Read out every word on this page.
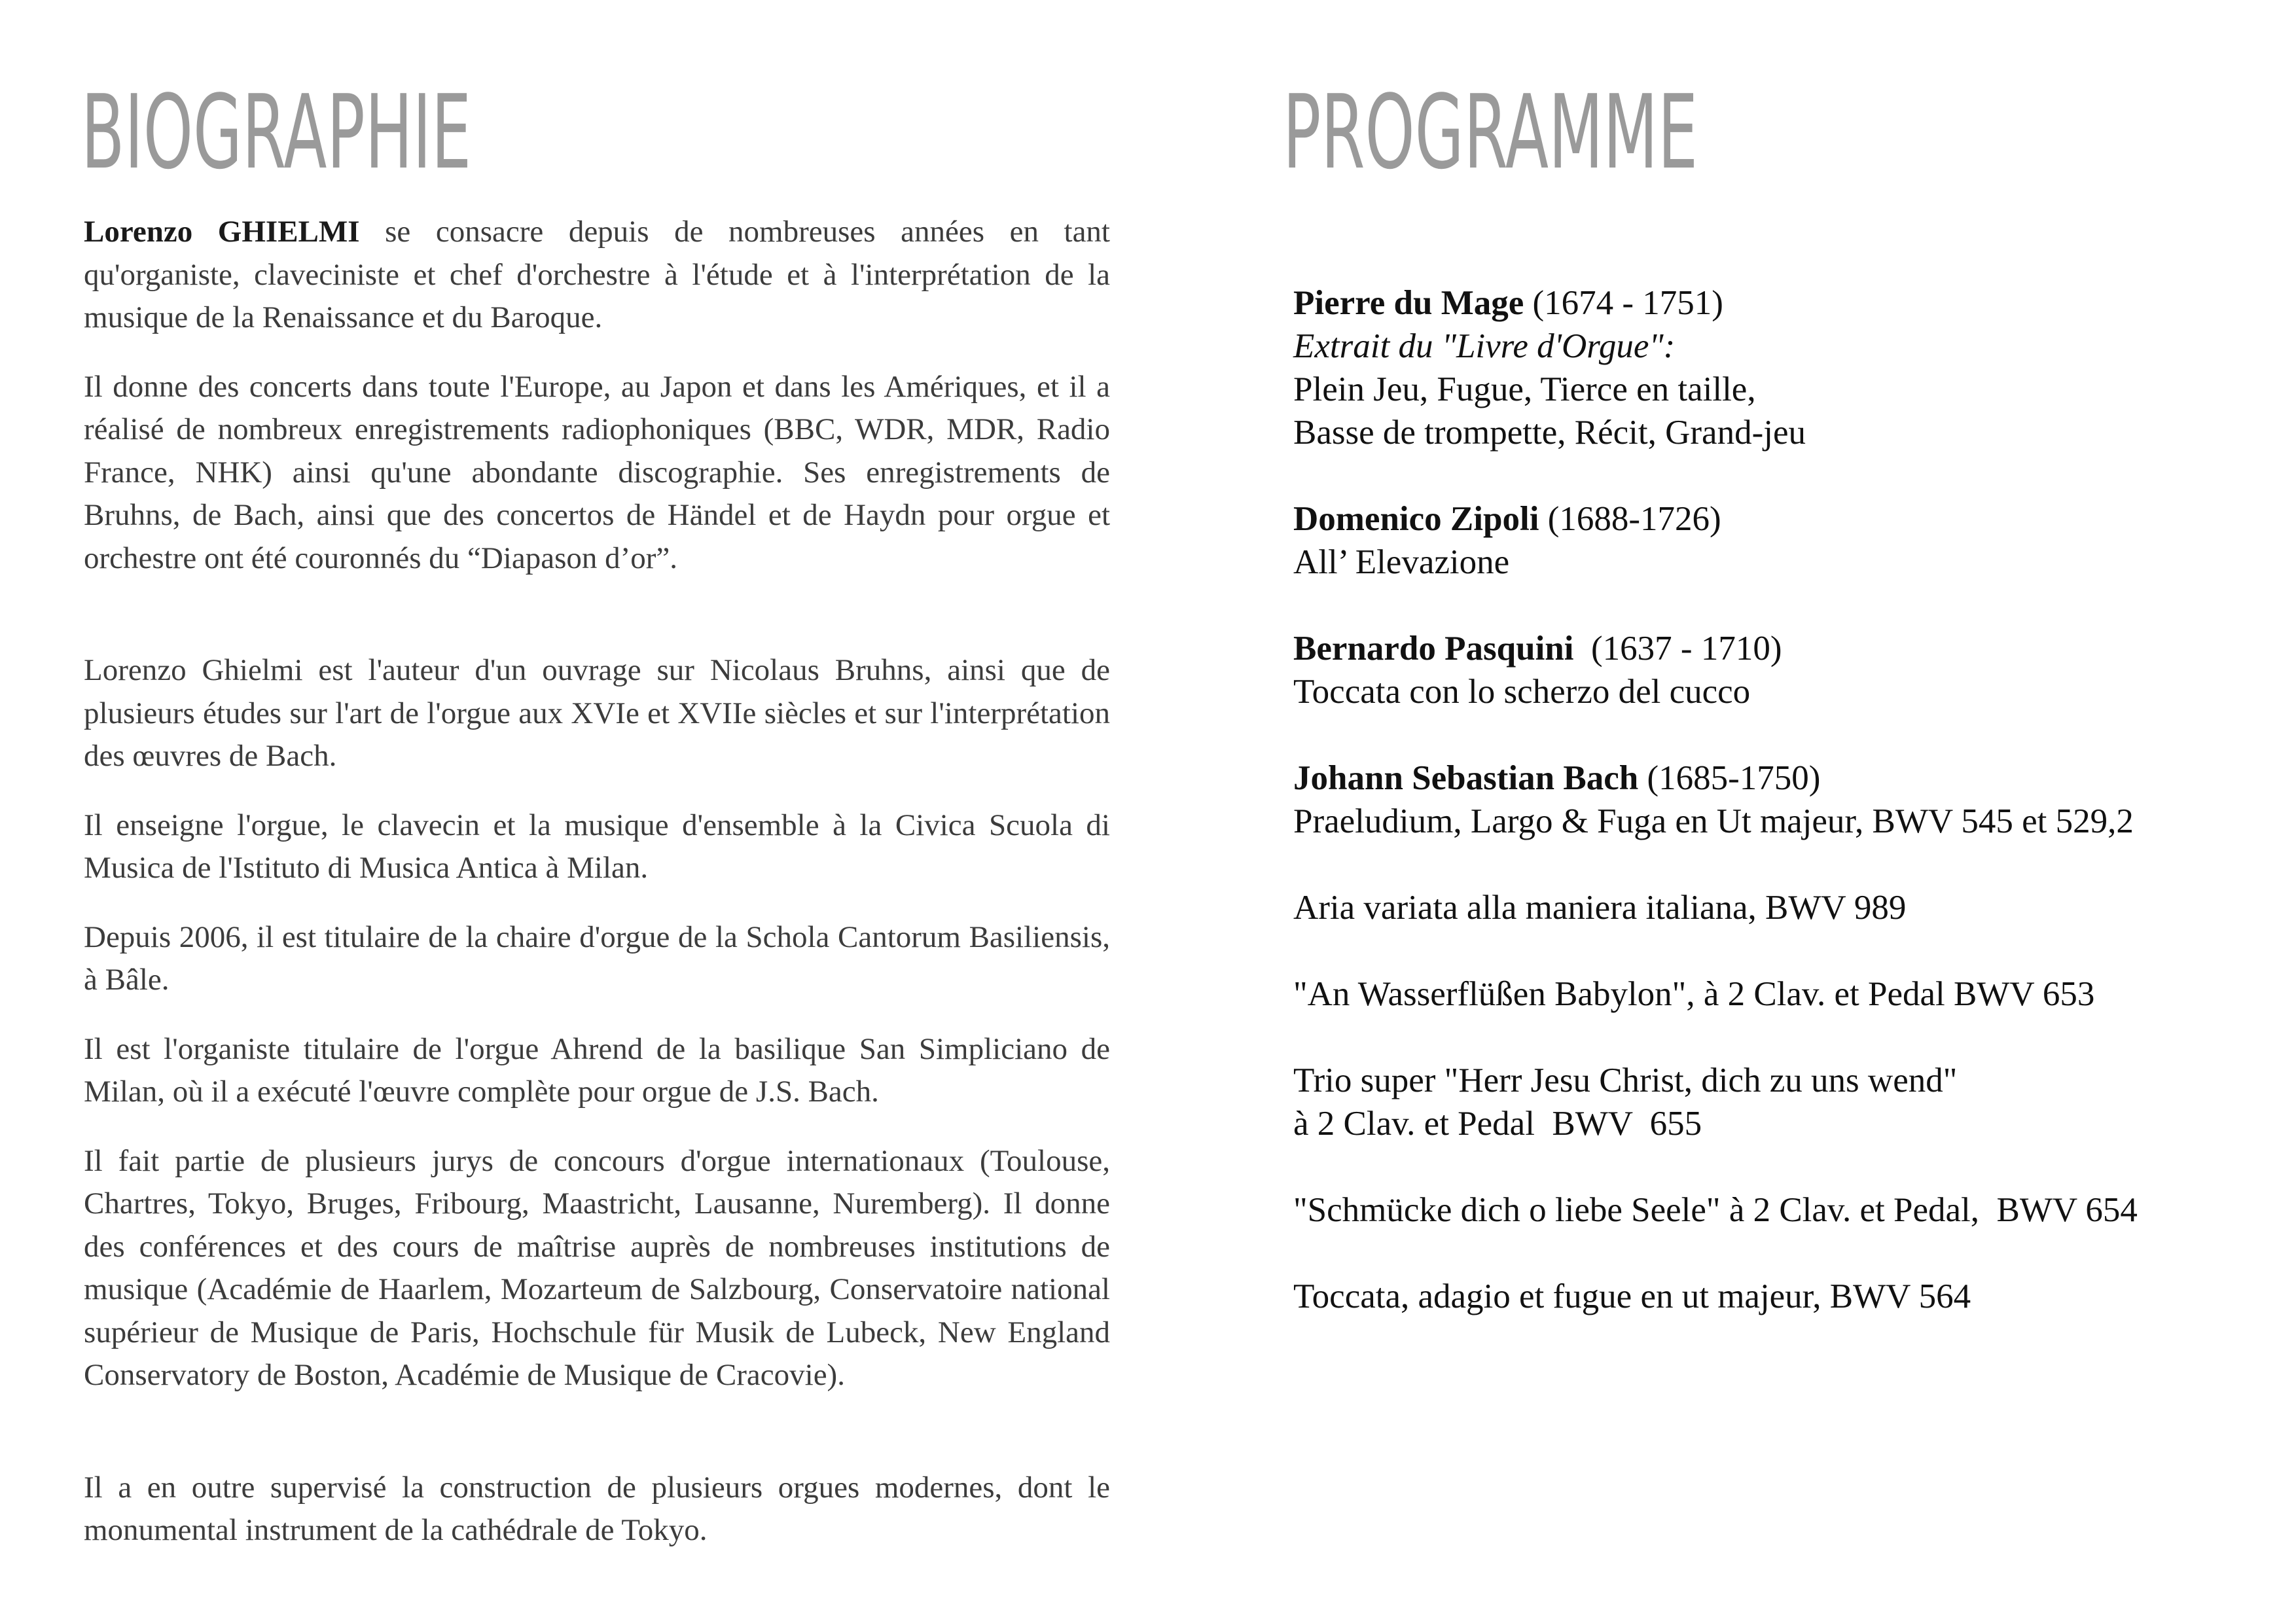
BIOGRAPHIE	PROGRAMME

Lorenzo GHIELMI se consacre depuis de nombreuses années en tant qu'organiste, claveciniste et chef d'orchestre à l'étude et à l'interprétation de la musique de la Renaissance et du Baroque.

Il donne des concerts dans toute l'Europe, au Japon et dans les Amériques, et il a réalisé de nombreux enregistrements radiophoniques (BBC, WDR, MDR, Radio France, NHK) ainsi qu'une abondante discographie. Ses enregistrements de Bruhns, de Bach, ainsi que des concertos de Händel et de Haydn pour orgue et orchestre ont été couronnés du “Diapason d’or”.

Lorenzo Ghielmi est l'auteur d'un ouvrage sur Nicolaus Bruhns, ainsi que de plusieurs études sur l'art de l'orgue aux XVIe et XVIIe siècles et sur l'interprétation des œuvres de Bach.

Il enseigne l'orgue, le clavecin et la musique d'ensemble à la Civica Scuola di Musica de l'Istituto di Musica Antica à Milan.

Depuis 2006, il est titulaire de la chaire d'orgue de la Schola Cantorum Basiliensis, à Bâle.

Il est l'organiste titulaire de l'orgue Ahrend de la basilique San Simpliciano de Milan, où il a exécuté l'œuvre complète pour orgue de J.S. Bach.

Il fait partie de plusieurs jurys de concours d'orgue internationaux (Toulouse, Chartres, Tokyo, Bruges, Fribourg, Maastricht, Lausanne, Nuremberg). Il donne des conférences et des cours de maîtrise auprès de nombreuses institutions de musique (Académie de Haarlem, Mozarteum de Salzbourg, Conservatoire national supérieur de Musique de Paris, Hochschule für Musik de Lubeck, New England Conservatory de Boston, Académie de Musique de Cracovie).

Il a en outre supervisé la construction de plusieurs orgues modernes, dont le monumental instrument de la cathédrale de Tokyo.

Pierre du Mage (1674 - 1751)
Extrait du "Livre d'Orgue":
Plein Jeu, Fugue, Tierce en taille,
Basse de trompette, Récit, Grand-jeu
Domenico Zipoli (1688-1726)
All’ Elevazione
Bernardo Pasquini  (1637 - 1710)
Toccata con lo scherzo del cucco
Johann Sebastian Bach (1685-1750)
Praeludium, Largo & Fuga en Ut majeur, BWV 545 et 529,2
Aria variata alla maniera italiana, BWV 989
"An Wasserflüßen Babylon", à 2 Clav. et Pedal BWV 653
Trio super "Herr Jesu Christ, dich zu uns wend"
à 2 Clav. et Pedal  BWV  655
"Schmücke dich o liebe Seele" à 2 Clav. et Pedal,  BWV 654
Toccata, adagio et fugue en ut majeur, BWV 564
